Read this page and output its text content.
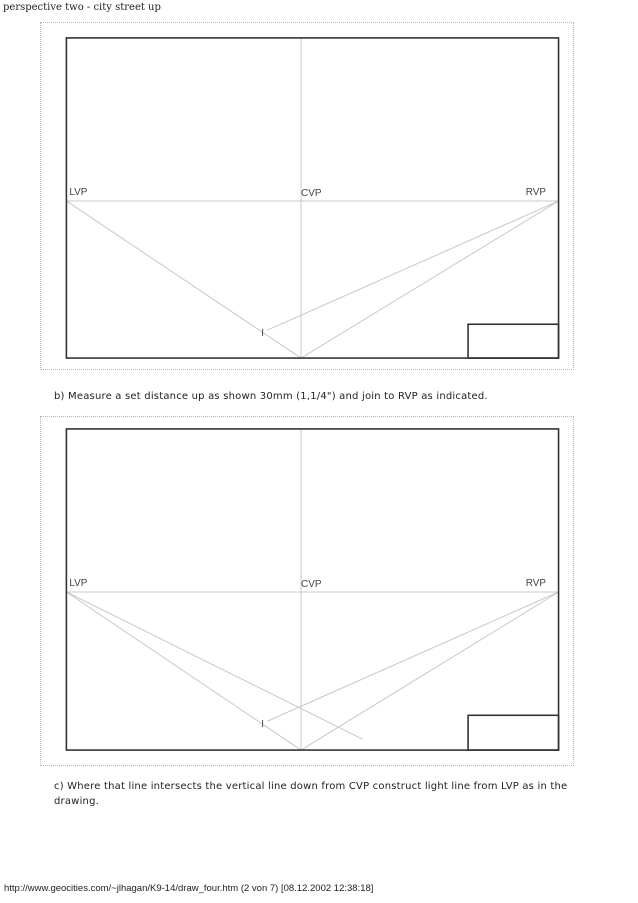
perspective two - city street up
LVP	CVP	RVP
I
b) Measure a set distance up as shown 30mm (1,1/4") and join to RVP as indicated.
LVP	CVP	RVP
I
c) Where that line intersects the vertical line down from CVP construct light line from LVP as in the drawing.
http://www.geocities.com/~jlhagan/K9-14/draw_four.htm (2 von 7) [08.12.2002 12:38:18]
